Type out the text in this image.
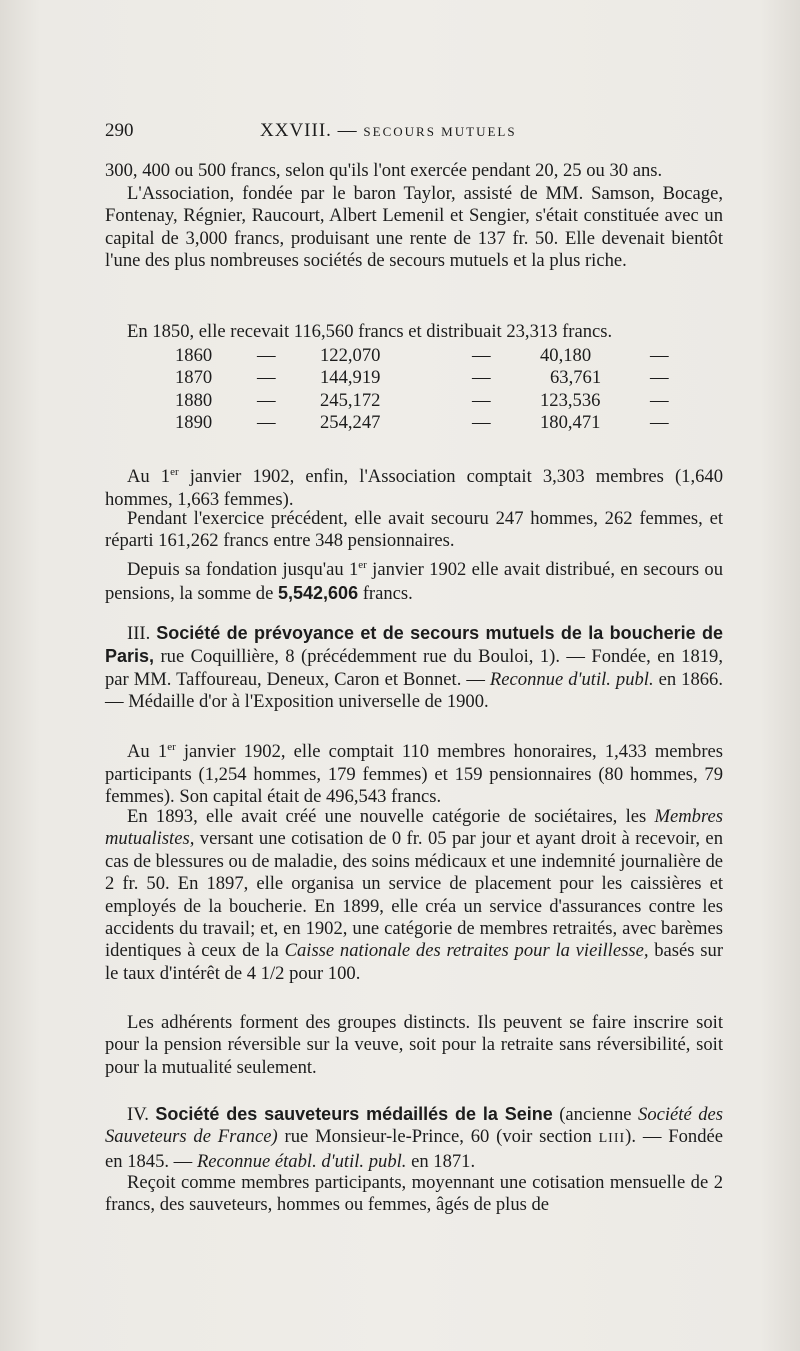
290	XXVIII. — SECOURS MUTUELS
300, 400 ou 500 francs, selon qu'ils l'ont exercée pendant 20, 25 ou 30 ans.
L'Association, fondée par le baron Taylor, assisté de MM. Samson, Bocage, Fontenay, Régnier, Raucourt, Albert Lemenil et Sengier, s'était constituée avec un capital de 3,000 francs, produisant une rente de 137 fr. 50. Elle devenait bientôt l'une des plus nombreuses sociétés de secours mutuels et la plus riche.
En 1850, elle recevait 116,560 francs et distribuait 23,313 francs.
1860 — 122,070	—	40,180	—
1870 — 144,919	—	63,761	—
1880 — 245,172	—	123,536	—
1890 — 254,247	—	180,471	—
Au 1er janvier 1902, enfin, l'Association comptait 3,303 membres (1,640 hommes, 1,663 femmes).
Pendant l'exercice précédent, elle avait secouru 247 hommes, 262 femmes, et réparti 161,262 francs entre 348 pensionnaires.
Depuis sa fondation jusqu'au 1er janvier 1902 elle avait distribué, en secours ou pensions, la somme de 5,542,606 francs.
III. Société de prévoyance et de secours mutuels de la boucherie de Paris, rue Coquillière, 8 (précédemment rue du Bouloi, 1). — Fondée, en 1819, par MM. Taffoureau, Deneux, Caron et Bonnet. — Reconnue d'util. publ. en 1866. — Médaille d'or à l'Exposition universelle de 1900.
Au 1er janvier 1902, elle comptait 110 membres honoraires, 1,433 membres participants (1,254 hommes, 179 femmes) et 159 pensionnaires (80 hommes, 79 femmes). Son capital était de 496,543 francs.
En 1893, elle avait créé une nouvelle catégorie de sociétaires, les Membres mutualistes, versant une cotisation de 0 fr. 05 par jour et ayant droit à recevoir, en cas de blessures ou de maladie, des soins médicaux et une indemnité journalière de 2 fr. 50. En 1897, elle organisa un service de placement pour les caissières et employés de la boucherie. En 1899, elle créa un service d'assurances contre les accidents du travail; et, en 1902, une catégorie de membres retraités, avec barèmes identiques à ceux de la Caisse nationale des retraites pour la vieillesse, basés sur le taux d'intérêt de 4 1/2 pour 100.
Les adhérents forment des groupes distincts. Ils peuvent se faire inscrire soit pour la pension réversible sur la veuve, soit pour la retraite sans réversibilité, soit pour la mutualité seulement.
IV. Société des sauveteurs médaillés de la Seine (ancienne Société des Sauveteurs de France) rue Monsieur-le-Prince, 60 (voir section LIII). — Fondée en 1845. — Reconnue établ. d'util. publ. en 1871.
Reçoit comme membres participants, moyennant une cotisation mensuelle de 2 francs, des sauveteurs, hommes ou femmes, âgés de plus de
